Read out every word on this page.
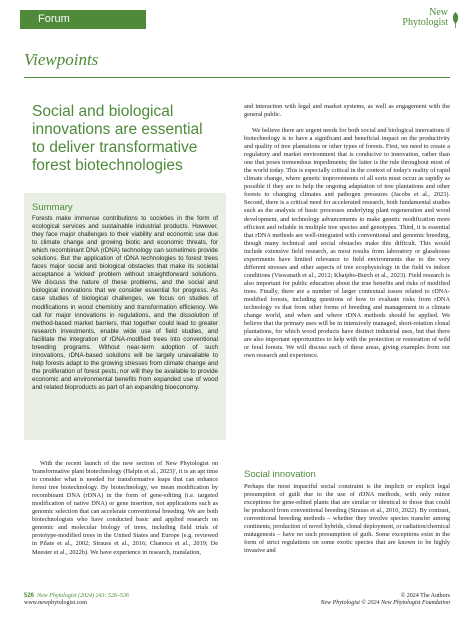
Forum
New
Phytologist
Viewpoints
Social and biological innovations are essential to deliver transformative forest biotechnologies
Summary
Forests make immense contributions to societies in the form of ecological services and sustainable industrial products. However, they face major challenges to their viability and economic use due to climate change and growing biotic and economic threats, for which recombinant DNA (rDNA) technology can sometimes provide solutions. But the application of rDNA technologies to forest trees faces major social and biological obstacles that make its societal acceptance a 'wicked' problem without straightforward solutions. We discuss the nature of these problems, and the social and biological innovations that we consider essential for progress. As case studies of biological challenges, we focus on studies of modifications in wood chemistry and transformation efficiency. We call for major innovations in regulations, and the dissolution of method-based market barriers, that together could lead to greater research investments, enable wide use of field studies, and facilitate the integration of rDNA-modified trees into conventional breeding programs. Without near-term adoption of such innovations, rDNA-based solutions will be largely unavailable to help forests adapt to the growing stresses from climate change and the proliferation of forest pests, nor will they be available to provide economic and environmental benefits from expanded use of wood and related bioproducts as part of an expanding bioeconomy.
With the recent launch of the new section of New Phytologist on 'transformative plant biotechnology (Halpin et al., 2023)', it is an apt time to consider what is needed for transformative leaps that can enhance forest tree biotechnology. By biotechnology, we mean modification by recombinant DNA (rDNA) in the form of gene-editing (i.e. targeted modification of native DNA) or gene insertion, not applications such as genomic selection that can accelerate conventional breeding. We are both biotechnologists who have conducted basic and applied research on genomic and molecular biology of trees, including field trials of prototype-modified trees in the United States and Europe (e.g. reviewed in Pilate et al., 2002; Strauss et al., 2016; Chanoca et al., 2019; De Meester et al., 2022b). We have experience in research, translation,
and interaction with legal and market systems, as well as engagement with the general public.
We believe there are urgent needs for both social and biological innovations if biotechnology is to have a significant and beneficial impact on the productivity and quality of tree plantations or other types of forests. First, we need to create a regulatory and market environment that is conducive to innovation, rather than one that poses tremendous impediments; the latter is the rule throughout most of the world today. This is especially critical in the context of today's reality of rapid climate change, where genetic improvements of all sorts must occur as rapidly as possible if they are to help the ongoing adaptation of tree plantations and other forests to changing climates and pathogen pressures (Jacobs et al., 2023). Second, there is a critical need for accelerated research, both fundamental studies such as the analysis of basic processes underlying plant regeneration and wood development, and technology advancements to make genetic modification more efficient and reliable in multiple tree species and genotypes. Third, it is essential that rDNA methods are well-integrated with conventional and genomic breeding, though many technical and social obstacles make this difficult. This would include extensive field research, as most results from laboratory or glasshouse experiments have limited relevance to field environments due to the very different stresses and other aspects of tree ecophysiology in the field vs indoor conditions (Viswanath et al., 2012; Khaipho-Burch et al., 2023). Field research is also important for public education about the true benefits and risks of modified trees. Finally, there are a number of larger contextual issues related to rDNA-modified forests, including questions of how to evaluate risks from rDNA technology vs that from other forms of breeding and management in a climate change world, and when and where rDNA methods should be applied. We believe that the primary uses will be in intensively managed, short-rotation clonal plantations, for which wood products have distinct industrial uses, but that there are also important opportunities to help with the protection or restoration of wild or feral forests. We will discuss each of these areas, giving examples from our own research and experience.
Social innovation
Perhaps the most impactful social constraint is the implicit or explicit legal presumption of guilt due to the use of rDNA methods, with only minor exceptions for gene-edited plants that are similar or identical to those that could be produced from conventional breeding (Strauss et al., 2010, 2022). By contrast, conventional breeding methods – whether they involve species transfer among continents, production of novel hybrids, clonal deployment, or radiation/chemical mutagenesis – have no such presumption of guilt. Some exceptions exist in the form of strict regulations on some exotic species that are known to be highly invasive and
526 New Phytologist (2024) 243: 526–536
www.newphytologist.com
© 2024 The Authors
New Phytologist © 2024 New Phytologist Foundation
